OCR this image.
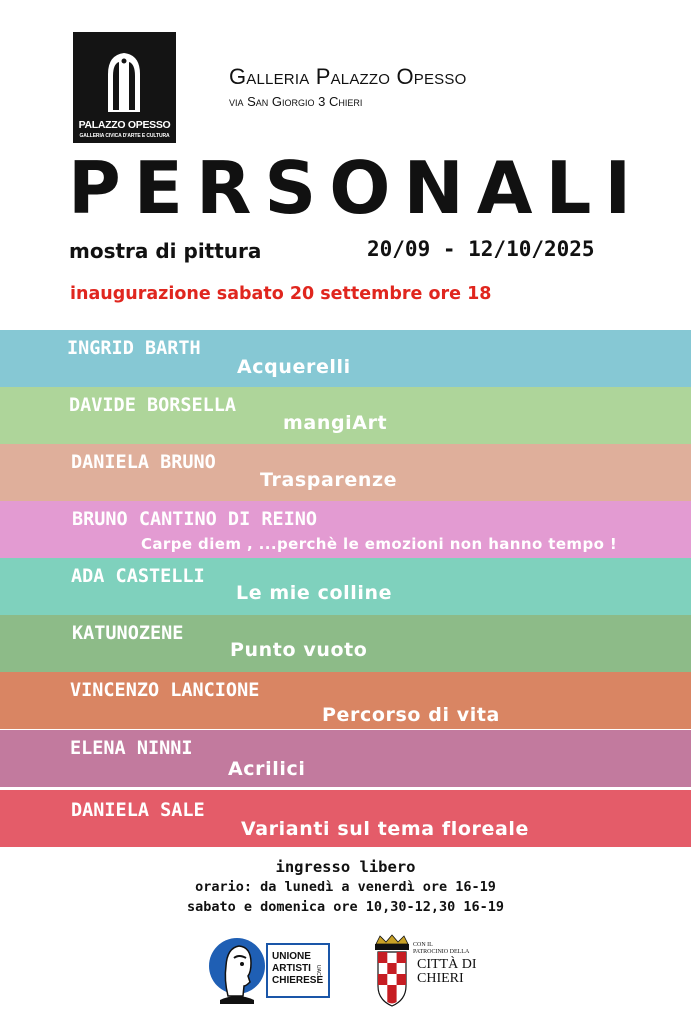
PALAZZO OPESSO
GALLERIA CIVICA D'ARTE E CULTURA
Galleria Palazzo Opesso
via San Giorgio 3 Chieri
PERSONALI
mostra di pittura	20/09 - 12/10/2025
inaugurazione sabato 20 settembre ore 18
INGRID BARTH
Acquerelli
DAVIDE BORSELLA
mangiArt
DANIELA BRUNO
Trasparenze
BRUNO CANTINO DI REINO
Carpe diem , ...perchè le emozioni non hanno tempo !
ADA CASTELLI
Le mie colline
KATUNOZENE
Punto vuoto
VINCENZO LANCIONE
Percorso di vita
ELENA NINNI
Acrilici
DANIELA SALE
Varianti sul tema floreale
ingresso libero
orario: da lunedì a venerdì ore 16-19
sabato e domenica ore 10,30-12,30 16-19
UNIONE
ARTISTI
CHIERESE
UAC
CON IL
PATROCINIO DELLA
CITTÀ DI
CHIERI
